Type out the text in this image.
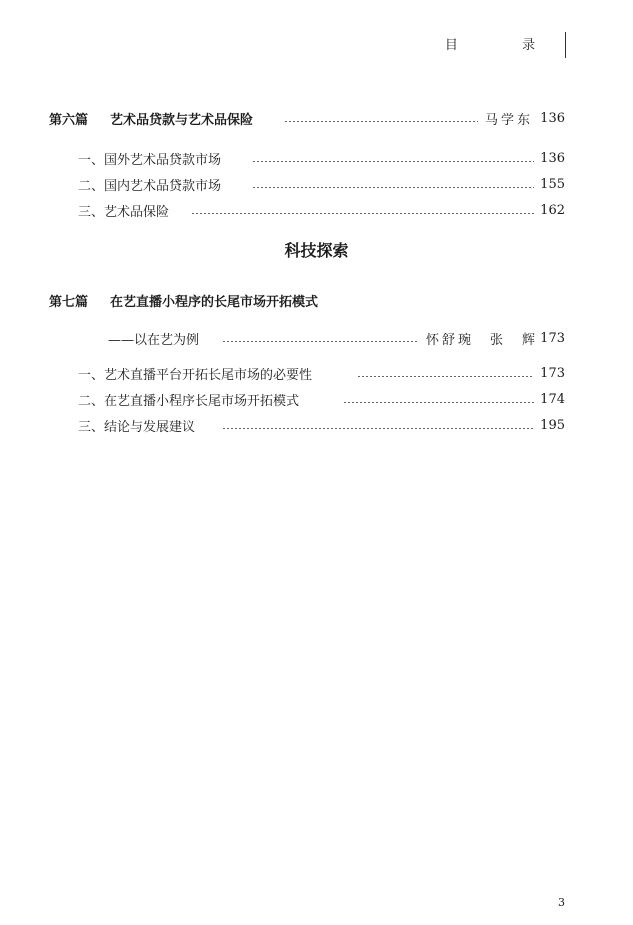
目 录
第六篇 艺术品贷款与艺术品保险	马学东 136
一、国外艺术品贷款市场	136
二、国内艺术品贷款市场	155
三、艺术品保险	162
科技探索
第七篇 在艺直播小程序的长尾市场开拓模式
——以在艺为例	怀舒琬　张　辉 173
一、艺术直播平台开拓长尾市场的必要性	173
二、在艺直播小程序长尾市场开拓模式	174
三、结论与发展建议	195
3
